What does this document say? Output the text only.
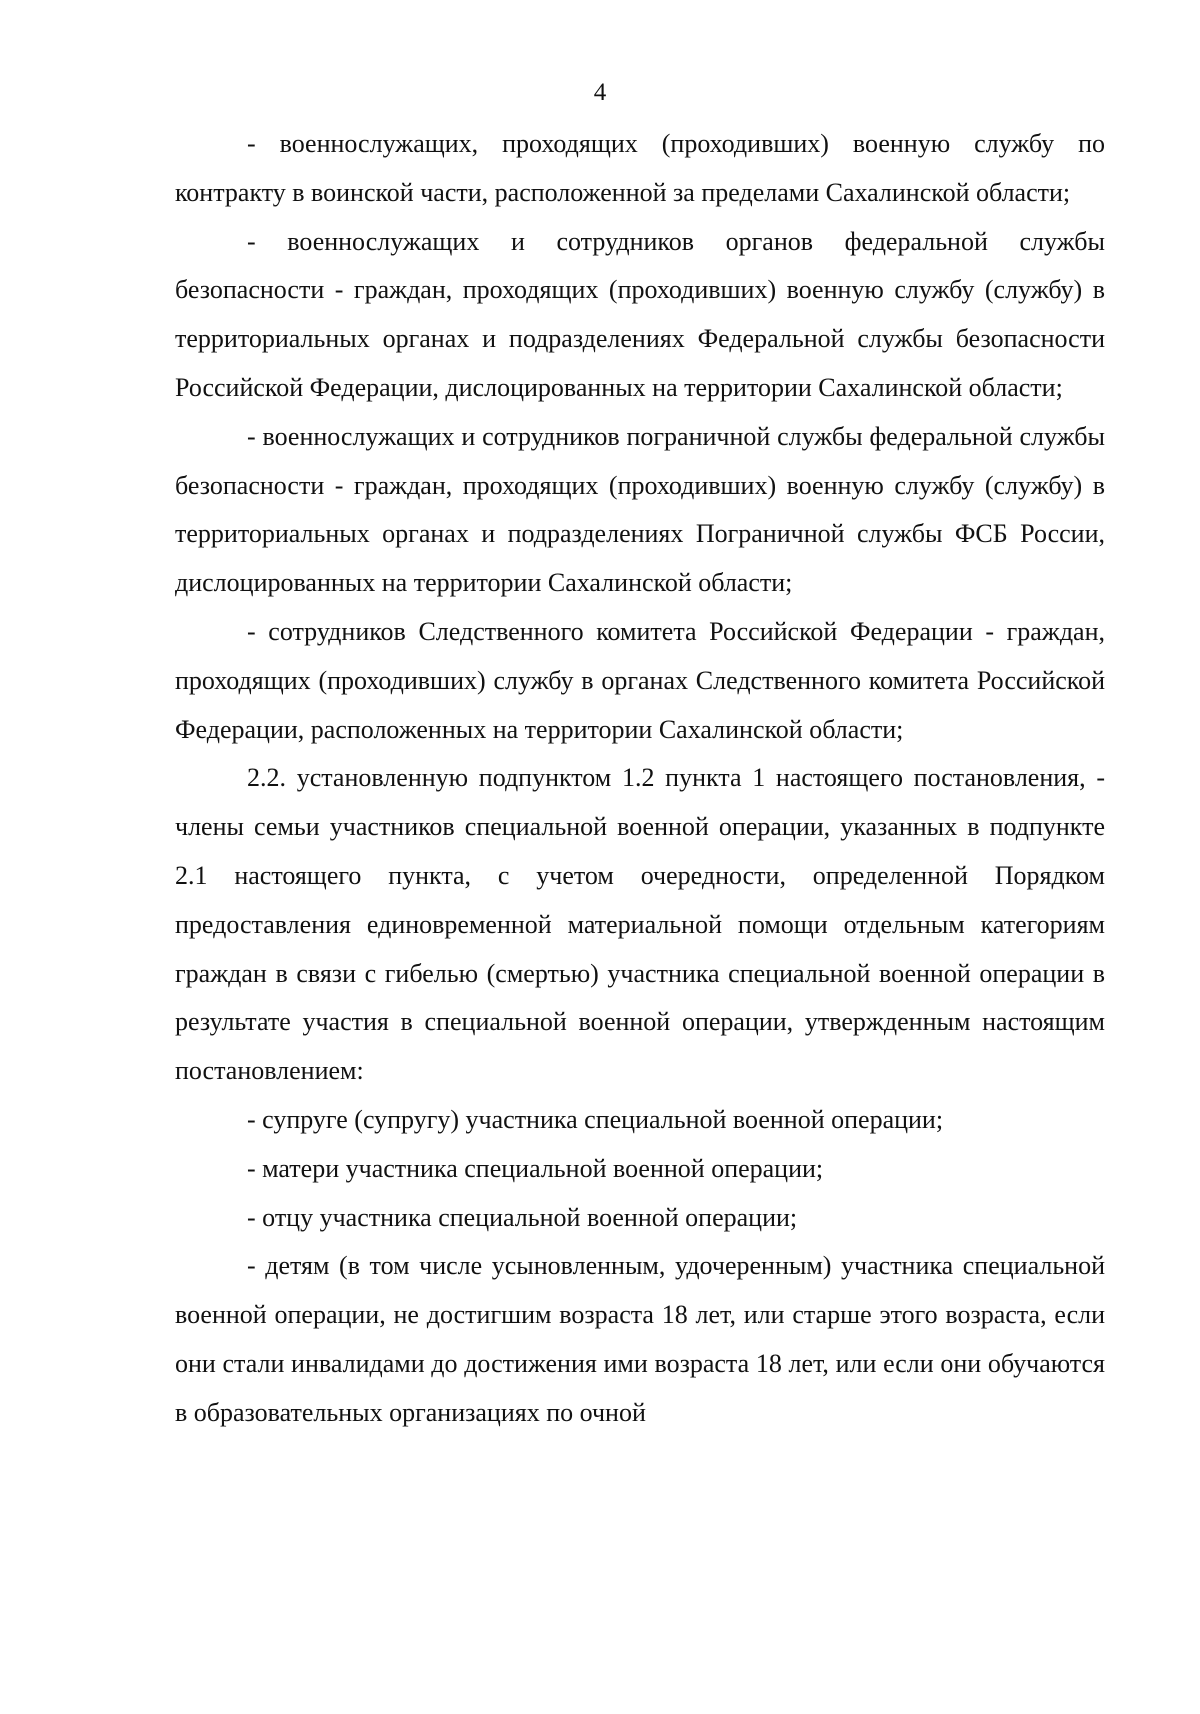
4

- военнослужащих, проходящих (проходивших) военную службу по контракту в воинской части, расположенной за пределами Сахалинской области;

- военнослужащих и сотрудников органов федеральной службы безопасности - граждан, проходящих (проходивших) военную службу (службу) в территориальных органах и подразделениях Федеральной службы безопасности Российской Федерации, дислоцированных на территории Сахалинской области;

- военнослужащих и сотрудников пограничной службы федеральной службы безопасности - граждан, проходящих (проходивших) военную службу (службу) в территориальных органах и подразделениях Пограничной службы ФСБ России, дислоцированных на территории Сахалинской области;

- сотрудников Следственного комитета Российской Федерации - граждан, проходящих (проходивших) службу в органах Следственного комитета Российской Федерации, расположенных на территории Сахалинской области;

2.2. установленную подпунктом 1.2 пункта 1 настоящего постановления, - члены семьи участников специальной военной операции, указанных в подпункте 2.1 настоящего пункта, с учетом очередности, определенной Порядком предоставления единовременной материальной помощи отдельным категориям граждан в связи с гибелью (смертью) участника специальной военной операции в результате участия в специальной военной операции, утвержденным настоящим постановлением:

- супруге (супругу) участника специальной военной операции;

- матери участника специальной военной операции;

- отцу участника специальной военной операции;

- детям (в том числе усыновленным, удочеренным) участника специальной военной операции, не достигшим возраста 18 лет, или старше этого возраста, если они стали инвалидами до достижения ими возраста 18 лет, или если они обучаются в образовательных организациях по очной
